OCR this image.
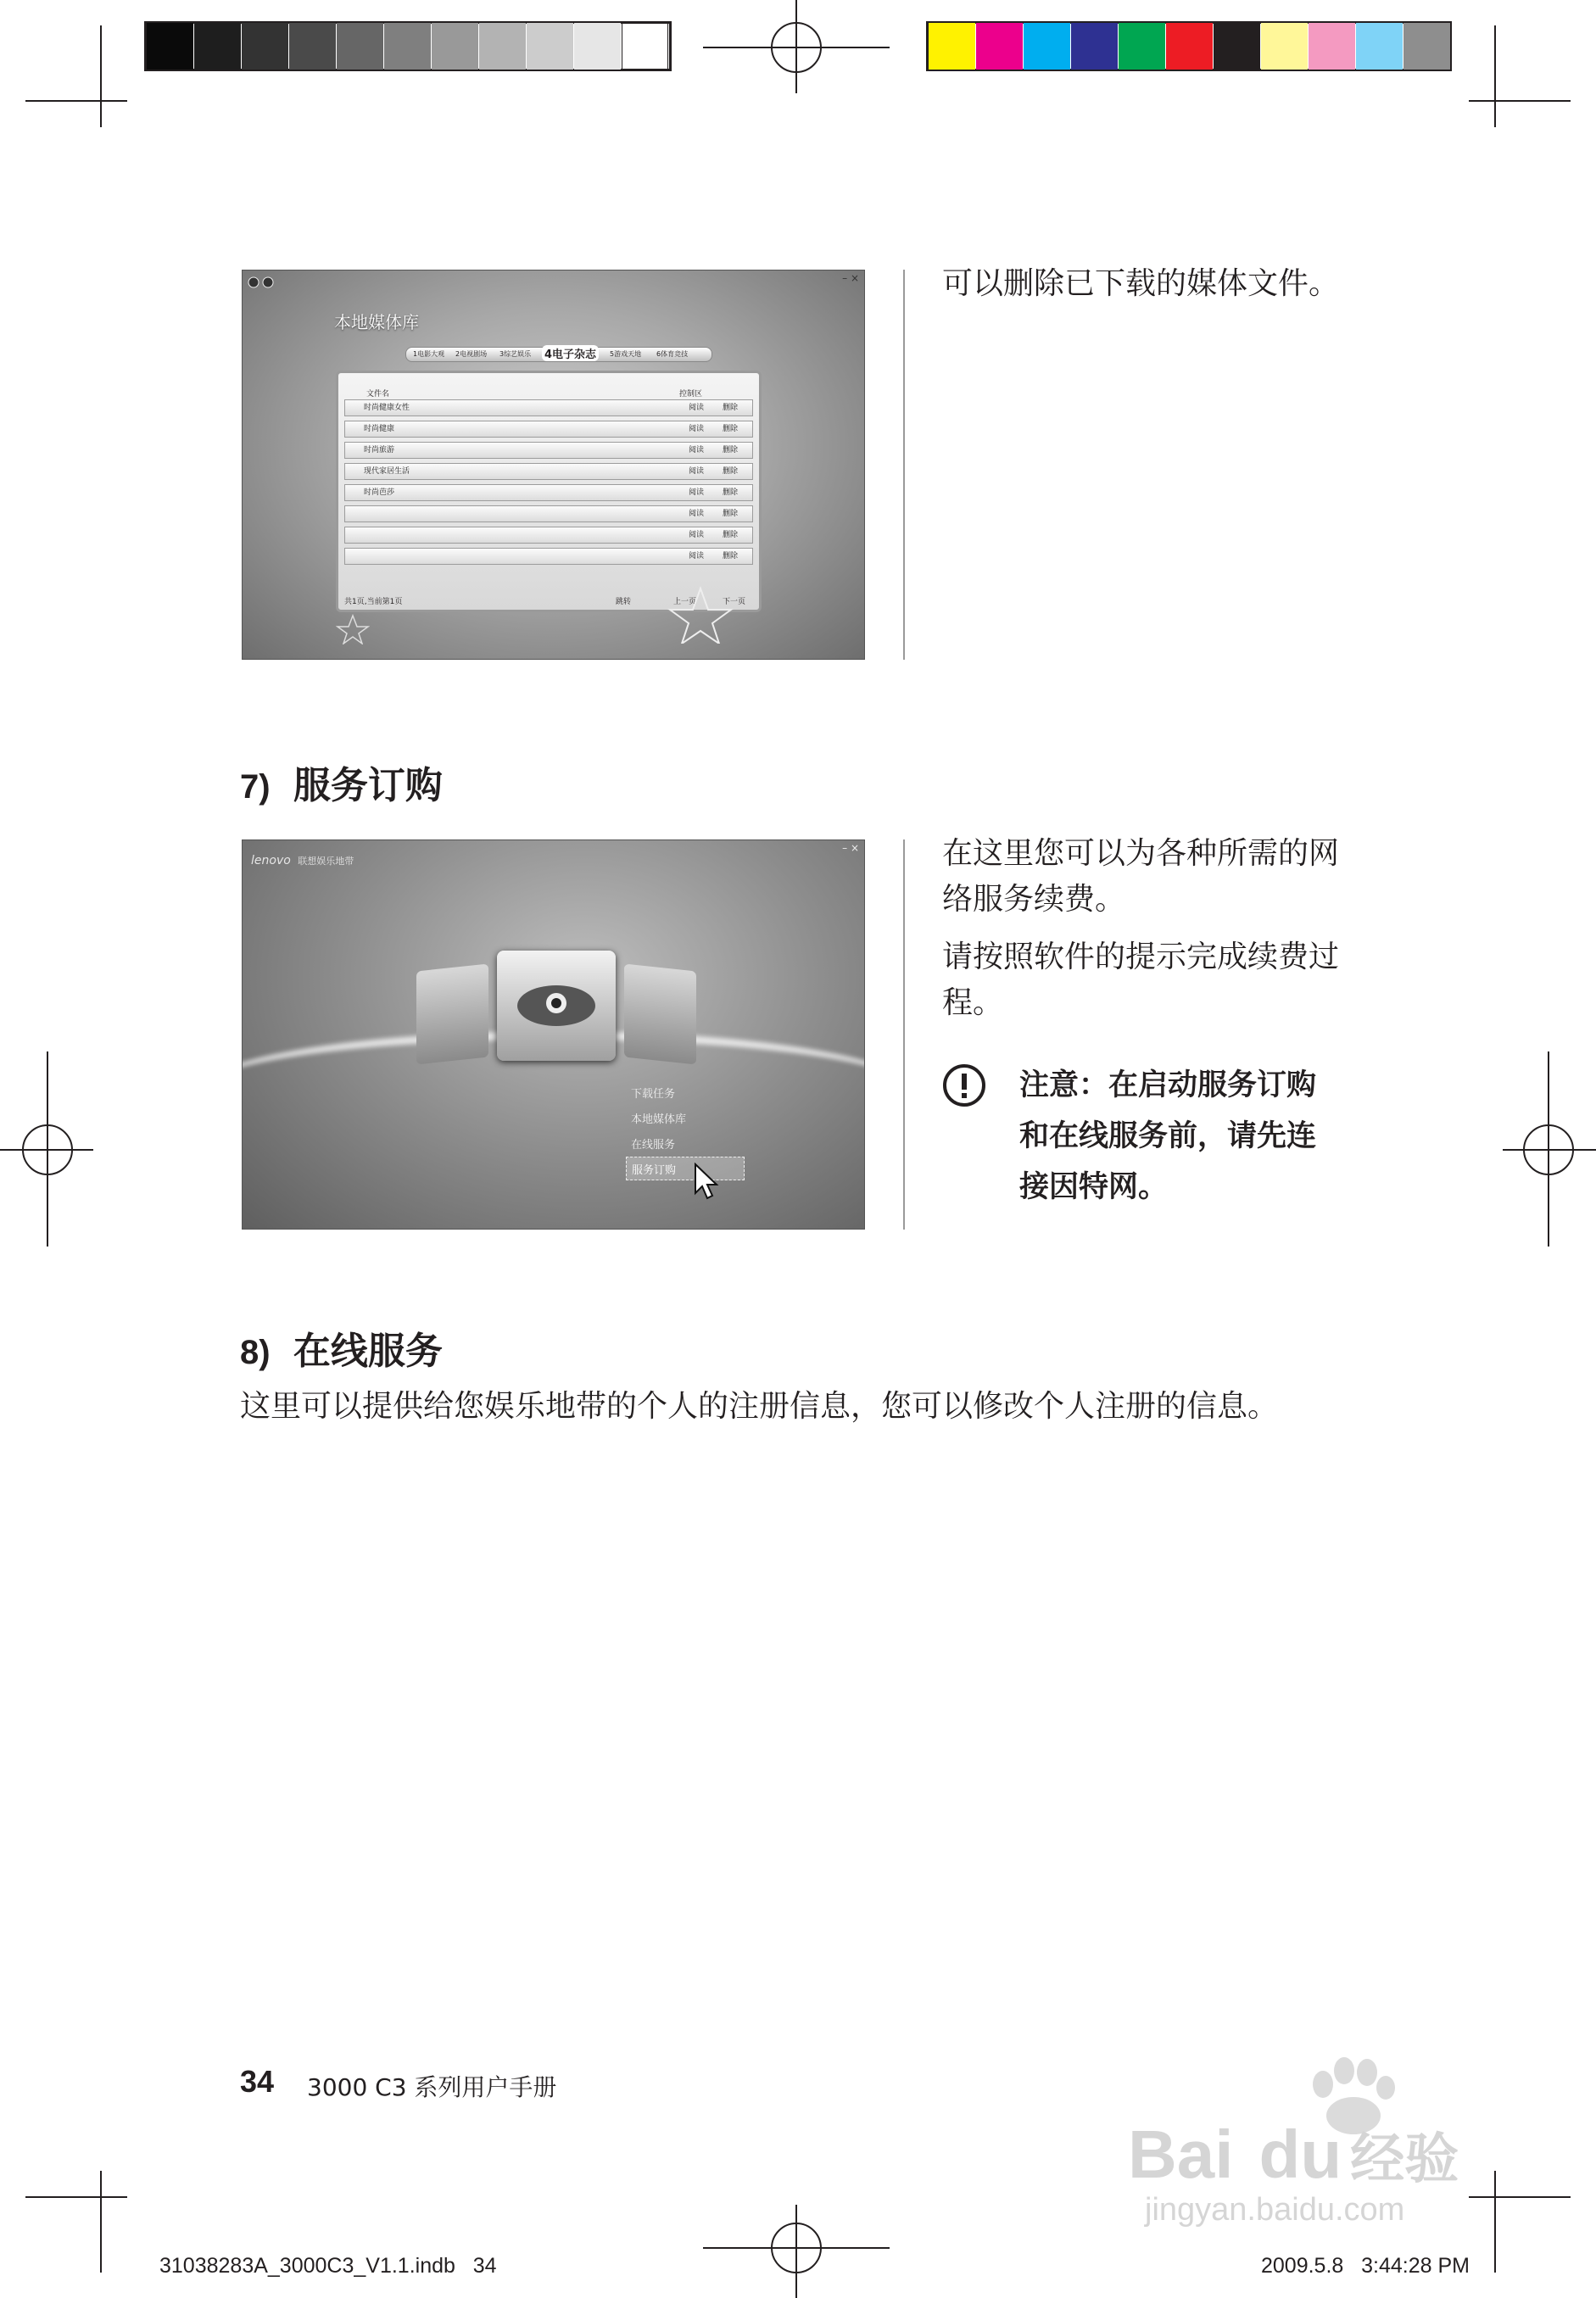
– ×
本地媒体库
1电影大观 2电视剧场 3综艺娱乐 4电子杂志	5游戏天地 6体育竞技
文件名	控制区
共1页,当前第1页	跳转	上一页	下一页
时尚健康女性	阅读 删除
时尚健康	阅读 删除
时尚旅游	阅读 删除
现代家居生活	阅读 删除
时尚芭莎	阅读 删除
阅读 删除
阅读 删除
阅读 删除
可以删除已下载的媒体文件。
7) 服务订购
lenovo 联想娱乐地带
– ×
下载任务
本地媒体库
在线服务
服务订购
在这里您可以为各种所需的网络服务续费。
请按照软件的提示完成续费过程。
注意：在启动服务订购
和在线服务前，请先连
接因特网。
8) 在线服务
这里可以提供给您娱乐地带的个人的注册信息，您可以修改个人注册的信息。
34 3000 C3 系列用户手册
31038283A_3000C3_V1.1.indb   34	2009.5.8   3:44:28 PM
Bai du 经验
jingyan.baidu.com
